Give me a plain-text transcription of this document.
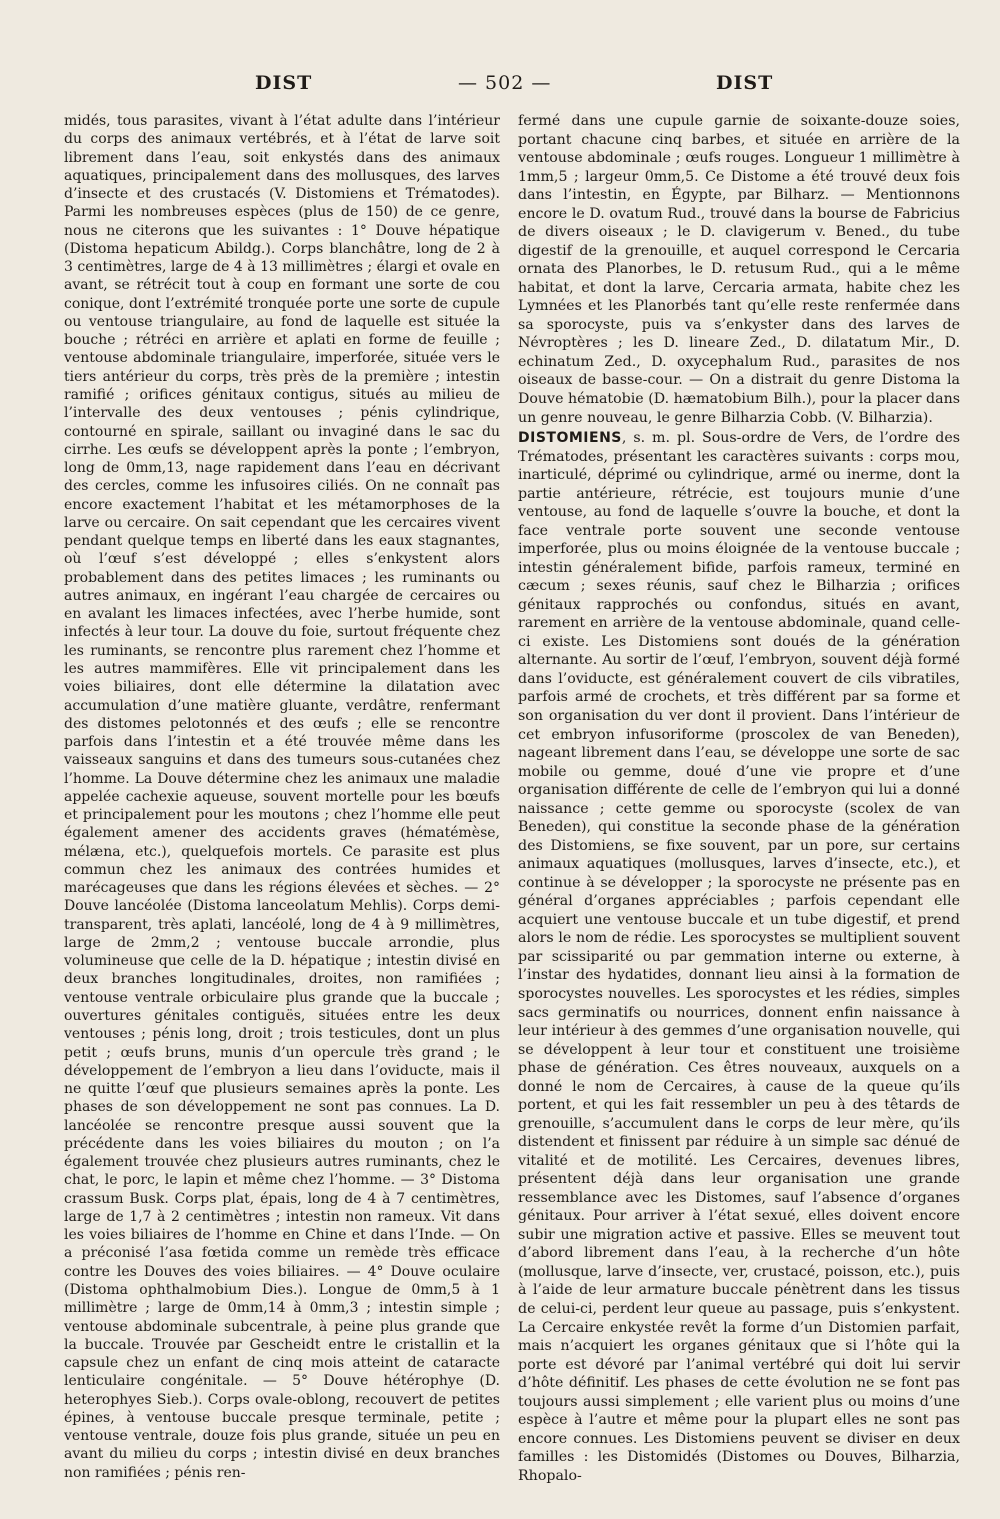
DIST	— 502 —	DIST

midés, tous parasites, vivant à l’état adulte dans l’intérieur du corps des animaux vertébrés, et à l’état de larve soit librement dans l’eau, soit enkystés dans des animaux aquatiques, principalement dans des mollusques, des larves d’insecte et des crustacés (V. Distomiens et Trématodes). Parmi les nombreuses espèces (plus de 150) de ce genre, nous ne citerons que les suivantes : 1° Douve hépatique (Distoma hepaticum Abildg.). Corps blanchâtre, long de 2 à 3 centimètres, large de 4 à 13 millimètres ; élargi et ovale en avant, se rétrécit tout à coup en formant une sorte de cou conique, dont l’extrémité tronquée porte une sorte de cupule ou ventouse triangulaire, au fond de laquelle est située la bouche ; rétréci en arrière et aplati en forme de feuille ; ventouse abdominale triangulaire, imperforée, située vers le tiers antérieur du corps, très près de la première ; intestin ramifié ; orifices génitaux contigus, situés au milieu de l’intervalle des deux ventouses ; pénis cylindrique, contourné en spirale, saillant ou invaginé dans le sac du cirrhe. Les œufs se développent après la ponte ; l’embryon, long de 0mm,13, nage rapidement dans l’eau en décrivant des cercles, comme les infusoires ciliés. On ne connaît pas encore exactement l’habitat et les métamorphoses de la larve ou cercaire. On sait cependant que les cercaires vivent pendant quelque temps en liberté dans les eaux stagnantes, où l’œuf s’est développé ; elles s’enkystent alors probablement dans des petites limaces ; les ruminants ou autres animaux, en ingérant l’eau chargée de cercaires ou en avalant les limaces infectées, avec l’herbe humide, sont infectés à leur tour. La douve du foie, surtout fréquente chez les ruminants, se rencontre plus rarement chez l’homme et les autres mammifères. Elle vit principalement dans les voies biliaires, dont elle détermine la dilatation avec accumulation d’une matière gluante, verdâtre, renfermant des distomes pelotonnés et des œufs ; elle se rencontre parfois dans l’intestin et a été trouvée même dans les vaisseaux sanguins et dans des tumeurs sous-cutanées chez l’homme. La Douve détermine chez les animaux une maladie appelée cachexie aqueuse, souvent mortelle pour les bœufs et principalement pour les moutons ; chez l’homme elle peut également amener des accidents graves (hématémèse, mélæna, etc.), quelquefois mortels. Ce parasite est plus commun chez les animaux des contrées humides et marécageuses que dans les régions élevées et sèches. — 2° Douve lancéolée (Distoma lanceolatum Mehlis). Corps demi-transparent, très aplati, lancéolé, long de 4 à 9 millimètres, large de 2mm,2 ; ventouse buccale arrondie, plus volumineuse que celle de la D. hépatique ; intestin divisé en deux branches longitudinales, droites, non ramifiées ; ventouse ventrale orbiculaire plus grande que la buccale ; ouvertures génitales contiguës, situées entre les deux ventouses ; pénis long, droit ; trois testicules, dont un plus petit ; œufs bruns, munis d’un opercule très grand ; le développement de l’embryon a lieu dans l’oviducte, mais il ne quitte l’œuf que plusieurs semaines après la ponte. Les phases de son développement ne sont pas connues. La D. lancéolée se rencontre presque aussi souvent que la précédente dans les voies biliaires du mouton ; on l’a également trouvée chez plusieurs autres ruminants, chez le chat, le porc, le lapin et même chez l’homme. — 3° Distoma crassum Busk. Corps plat, épais, long de 4 à 7 centimètres, large de 1,7 à 2 centimètres ; intestin non rameux. Vit dans les voies biliaires de l’homme en Chine et dans l’Inde. — On a préconisé l’asa fœtida comme un remède très efficace contre les Douves des voies biliaires. — 4° Douve oculaire (Distoma ophthalmobium Dies.). Longue de 0mm,5 à 1 millimètre ; large de 0mm,14 à 0mm,3 ; intestin simple ; ventouse abdominale subcentrale, à peine plus grande que la buccale. Trouvée par Gescheidt entre le cristallin et la capsule chez un enfant de cinq mois atteint de cataracte lenticulaire congénitale. — 5° Douve hétérophye (D. heterophyes Sieb.). Corps ovale-oblong, recouvert de petites épines, à ventouse buccale presque terminale, petite ; ventouse ventrale, douze fois plus grande, située un peu en avant du milieu du corps ; intestin divisé en deux branches non ramifiées ; pénis ren-

fermé dans une cupule garnie de soixante-douze soies, portant chacune cinq barbes, et située en arrière de la ventouse abdominale ; œufs rouges. Longueur 1 millimètre à 1mm,5 ; largeur 0mm,5. Ce Distome a été trouvé deux fois dans l’intestin, en Égypte, par Bilharz. — Mentionnons encore le D. ovatum Rud., trouvé dans la bourse de Fabricius de divers oiseaux ; le D. clavigerum v. Bened., du tube digestif de la grenouille, et auquel correspond le Cercaria ornata des Planorbes, le D. retusum Rud., qui a le même habitat, et dont la larve, Cercaria armata, habite chez les Lymnées et les Planorbés tant qu’elle reste renfermée dans sa sporocyste, puis va s’enkyster dans des larves de Névroptères ; les D. lineare Zed., D. dilatatum Mir., D. echinatum Zed., D. oxycephalum Rud., parasites de nos oiseaux de basse-cour. — On a distrait du genre Distoma la Douve hématobie (D. hæmatobium Bilh.), pour la placer dans un genre nouveau, le genre Bilharzia Cobb. (V. Bilharzia).

DISTOMIENS, s. m. pl. Sous-ordre de Vers, de l’ordre des Trématodes, présentant les caractères suivants : corps mou, inarticulé, déprimé ou cylindrique, armé ou inerme, dont la partie antérieure, rétrécie, est toujours munie d’une ventouse, au fond de laquelle s’ouvre la bouche, et dont la face ventrale porte souvent une seconde ventouse imperforée, plus ou moins éloignée de la ventouse buccale ; intestin généralement bifide, parfois rameux, terminé en cæcum ; sexes réunis, sauf chez le Bilharzia ; orifices génitaux rapprochés ou confondus, situés en avant, rarement en arrière de la ventouse abdominale, quand celle-ci existe. Les Distomiens sont doués de la génération alternante. Au sortir de l’œuf, l’embryon, souvent déjà formé dans l’oviducte, est généralement couvert de cils vibratiles, parfois armé de crochets, et très différent par sa forme et son organisation du ver dont il provient. Dans l’intérieur de cet embryon infusoriforme (proscolex de van Beneden), nageant librement dans l’eau, se développe une sorte de sac mobile ou gemme, doué d’une vie propre et d’une organisation différente de celle de l’embryon qui lui a donné naissance ; cette gemme ou sporocyste (scolex de van Beneden), qui constitue la seconde phase de la génération des Distomiens, se fixe souvent, par un pore, sur certains animaux aquatiques (mollusques, larves d’insecte, etc.), et continue à se développer ; la sporocyste ne présente pas en général d’organes appréciables ; parfois cependant elle acquiert une ventouse buccale et un tube digestif, et prend alors le nom de rédie. Les sporocystes se multiplient souvent par scissiparité ou par gemmation interne ou externe, à l’instar des hydatides, donnant lieu ainsi à la formation de sporocystes nouvelles. Les sporocystes et les rédies, simples sacs germinatifs ou nourrices, donnent enfin naissance à leur intérieur à des gemmes d’une organisation nouvelle, qui se développent à leur tour et constituent une troisième phase de génération. Ces êtres nouveaux, auxquels on a donné le nom de Cercaires, à cause de la queue qu’ils portent, et qui les fait ressembler un peu à des têtards de grenouille, s’accumulent dans le corps de leur mère, qu’ils distendent et finissent par réduire à un simple sac dénué de vitalité et de motilité. Les Cercaires, devenues libres, présentent déjà dans leur organisation une grande ressemblance avec les Distomes, sauf l’absence d’organes génitaux. Pour arriver à l’état sexué, elles doivent encore subir une migration active et passive. Elles se meuvent tout d’abord librement dans l’eau, à la recherche d’un hôte (mollusque, larve d’insecte, ver, crustacé, poisson, etc.), puis à l’aide de leur armature buccale pénètrent dans les tissus de celui-ci, perdent leur queue au passage, puis s’enkystent. La Cercaire enkystée revêt la forme d’un Distomien parfait, mais n’acquiert les organes génitaux que si l’hôte qui la porte est dévoré par l’animal vertébré qui doit lui servir d’hôte définitif. Les phases de cette évolution ne se font pas toujours aussi simplement ; elle varient plus ou moins d’une espèce à l’autre et même pour la plupart elles ne sont pas encore connues. Les Distomiens peuvent se diviser en deux familles : les Distomidés (Distomes ou Douves, Bilharzia, Rhopalo-
